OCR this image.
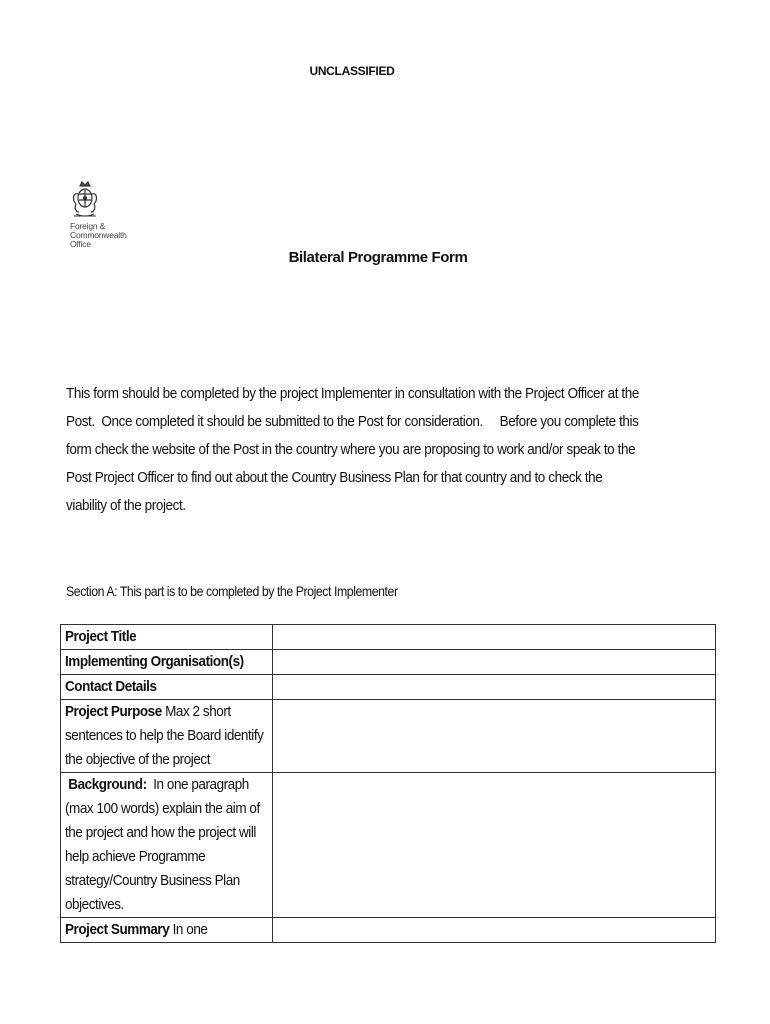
UNCLASSIFIED
Foreign &
Commonwealth
Office
Bilateral Programme Form

This form should be completed by the project Implementer in consultation with the Project Officer at the

Post.  Once completed it should be submitted to the Post for consideration.     Before you complete this

form check the website of the Post in the country where you are proposing to work and/or speak to the

Post Project Officer to find out about the Country Business Plan for that country and to check the

viability of the project.

Section A: This part is to be completed by the Project Implementer
Project Title	

Implementing Organisation(s)	

Contact Details	

Project Purpose Max 2 short sentences to help the Board identify the objective of the project	

Background:  In one paragraph (max 100 words) explain the aim of the project and how the project will help achieve Programme strategy/Country Business Plan objectives.	

Project Summary In one	
